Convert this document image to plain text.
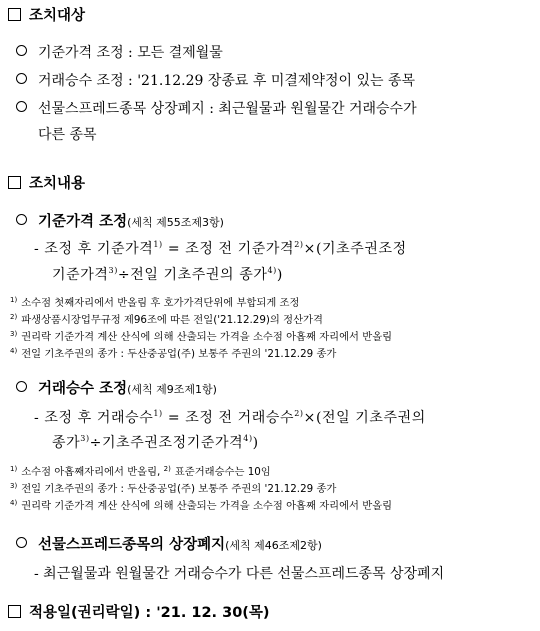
조치대상
기준가격 조정 : 모든 결제월물
거래승수 조정 : '21.12.29 장종료 후 미결제약정이 있는 종목
선물스프레드종목 상장폐지 : 최근월물과 원월물간 거래승수가
다른 종목
조치내용
기준가격 조정(세칙 제55조제3항)
- 조정 후 기준가격$^{1)}$ = 조정 전 기준가격$^{2)}$×(기초주권조정
기준가격$^{3)}$÷전일 기초주권의 종가$^{4)}$)
$^{1)}$ 소수점 첫째자리에서 반올림 후 호가가격단위에 부합되게 조정
$^{2)}$ 파생상품시장업무규정 제96조에 따른 전일('21.12.29)의 정산가격
$^{3)}$ 권리락 기준가격 계산 산식에 의해 산출되는 가격을 소수점 아홉째 자리에서 반올림
$^{4)}$ 전일 기초주권의 종가 : 두산중공업(주) 보통주 주권의 '21.12.29 종가
거래승수 조정(세칙 제9조제1항)
- 조정 후 거래승수$^{1)}$ = 조정 전 거래승수$^{2)}$×(전일 기초주권의
종가$^{3)}$÷기초주권조정기준가격$^{4)}$)
$^{1)}$ 소수점 아홉째자리에서 반올림, $^{2)}$ 표준거래승수는 10임
$^{3)}$ 전일 기초주권의 종가 : 두산중공업(주) 보통주 주권의 '21.12.29 종가
$^{4)}$ 권리락 기준가격 계산 산식에 의해 산출되는 가격을 소수점 아홉째 자리에서 반올림
선물스프레드종목의 상장폐지(세칙 제46조제2항)
- 최근월물과 원월물간 거래승수가 다른 선물스프레드종목 상장폐지
적용일(권리락일) : '21. 12. 30(목)
